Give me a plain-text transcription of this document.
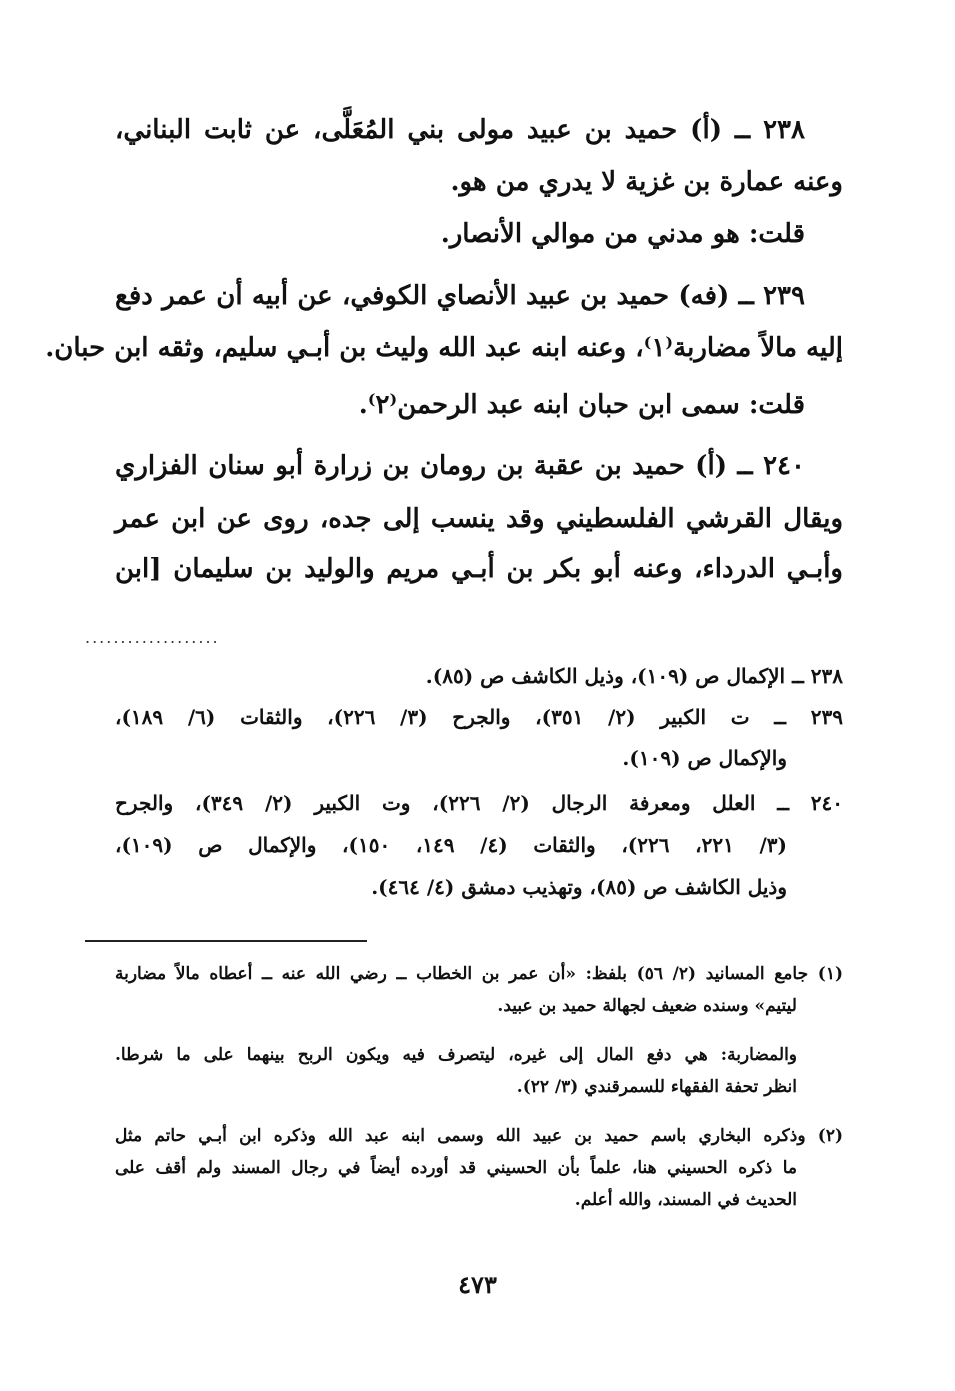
٢٣٨ ــ (أ) حميد بن عبيد مولى بني المُعَلَّى، عن ثابت البناني،
وعنه عمارة بن غزية لا يدري من هو.
قلت: هو مدني من موالي الأنصار.
٢٣٩ ــ (فه) حميد بن عبيد الأنصاي الكوفي، عن أبيه أن عمر دفع
إليه مالاً مضاربة⁽١⁾، وعنه ابنه عبد الله وليث بن أبـي سليم، وثقه ابن حبان.
قلت: سمى ابن حبان ابنه عبد الرحمن⁽٢⁾.
٢٤٠ ــ (أ) حميد بن عقبة بن رومان بن زرارة أبو سنان الفزاري
ويقال القرشي الفلسطيني وقد ينسب إلى جده، روى عن ابن عمر
وأبـي الدرداء، وعنه أبو بكر بن أبـي مريم والوليد بن سليمان [ابن
...................
٢٣٨ ــ الإكمال ص (١٠٩)، وذيل الكاشف ص (٨٥).
٢٣٩ ــ ت الكبير (٢/ ٣٥١)، والجرح (٣/ ٢٢٦)، والثقات (٦/ ١٨٩)،
والإكمال ص (١٠٩).
٢٤٠ ــ العلل ومعرفة الرجال (٢/ ٢٢٦)، وت الكبير (٢/ ٣٤٩)، والجرح
(٣/ ٢٢١، ٢٢٦)، والثقات (٤/ ١٤٩، ١٥٠)، والإكمال ص (١٠٩)،
وذيل الكاشف ص (٨٥)، وتهذيب دمشق (٤/ ٤٦٤).
(١) جامع المسانيد (٢/ ٥٦) بلفظ: «أن عمر بن الخطاب ــ رضي الله عنه ــ أعطاه مالاً مضاربة
ليتيم» وسنده ضعيف لجهالة حميد بن عبيد.
والمضاربة: هي دفع المال إلى غيره، ليتصرف فيه ويكون الربح بينهما على ما شرطا.
انظر تحفة الفقهاء للسمرقندي (٣/ ٢٢).
(٢) وذكره البخاري باسم حميد بن عبيد الله وسمى ابنه عبد الله وذكره ابن أبـي حاتم مثل
ما ذكره الحسيني هنا، علماً بأن الحسيني قد أورده أيضاً في رجال المسند ولم أقف على
الحديث في المسند، والله أعلم.
٤٧٣
